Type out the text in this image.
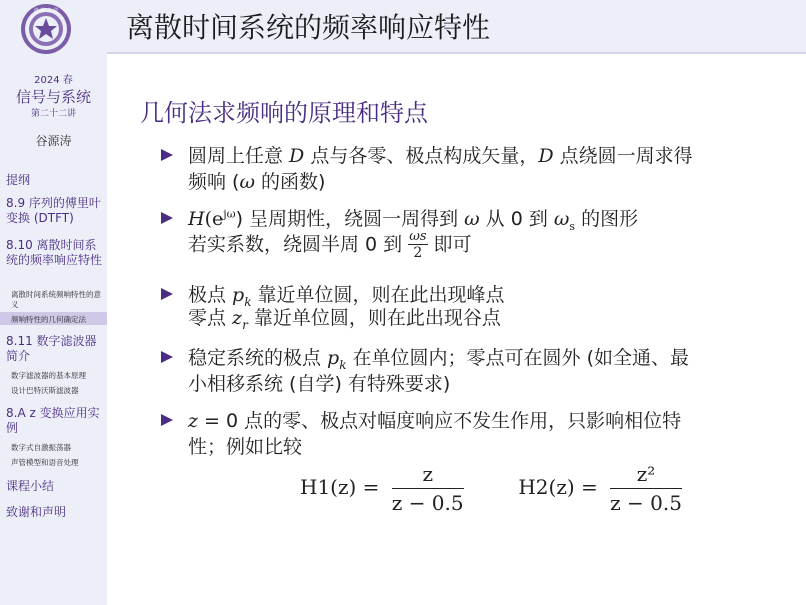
清 华 大 学
2024 春
信号与系统
第二十二讲
谷源涛
提纲
8.9 序列的傅里叶变换 (DTFT)
8.10 离散时间系统的频率响应特性
离散时间系统频响特性的意义
频响特性的几何确定法
8.11 数字滤波器简介
数字滤波器的基本原理
设计巴特沃斯滤波器
8.A z 变换应用实例
数字式自激振荡器
声管模型和语音处理
课程小结
致谢和声明
离散时间系统的频率响应特性
几何法求频响的原理和特点
圆周上任意 D 点与各零、极点构成矢量，D 点绕圆一周求得
频响 (ω 的函数)
$H(e^{j\omega})$ 呈周期性，绕圆一周得到 ω 从 0 到 $\omega_s$ 的图形
若实系数，绕圆半周 0 到 $\frac{\omega s}{2}$ 即可
极点 $p_k$ 靠近单位圆，则在此出现峰点
零点 $z_r$ 靠近单位圆，则在此出现谷点
稳定系统的极点 $p_k$ 在单位圆内；零点可在圆外 (如全通、最
小相移系统 (自学) 有特殊要求)
z = 0 点的零、极点对幅度响应不发生作用，只影响相位特
性；例如比较
$H1(z) = \frac{z}{z - 0.5}$	$H2(z) = \frac{\text{z²}}{z - 0.5}$
